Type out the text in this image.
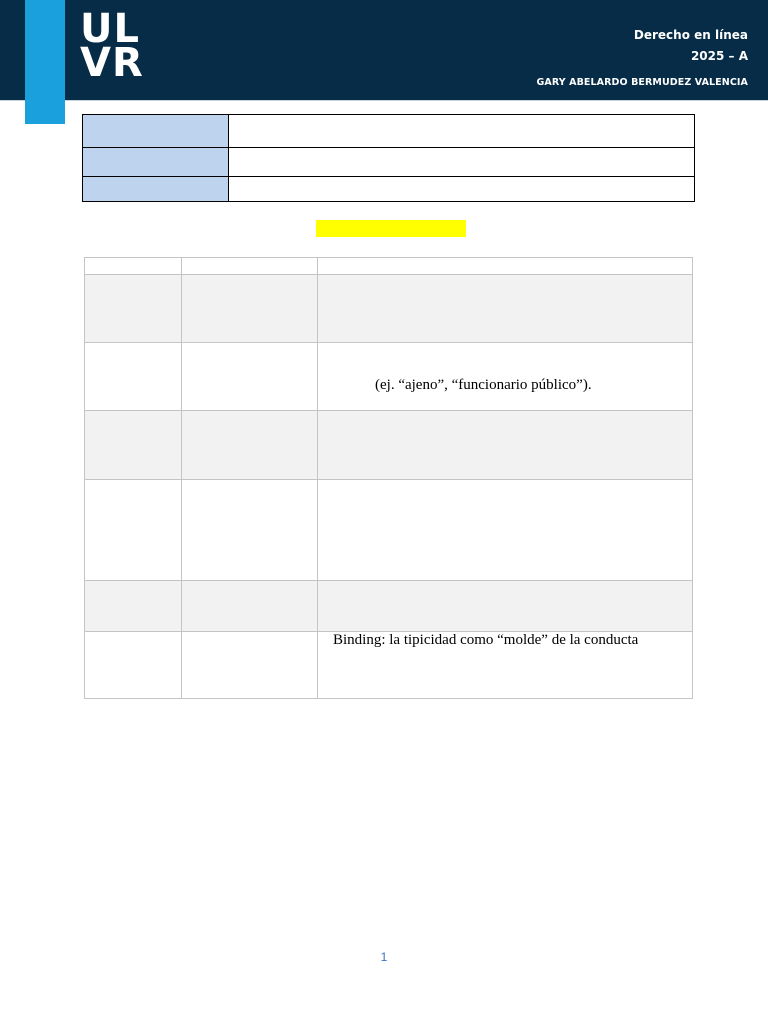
UL
VR
Derecho en línea
2025 – A
GARY ABELARDO BERMUDEZ VALENCIA

		(ej. “ajeno”, “funcionario público”).

		Binding: la tipicidad como “molde” de la conducta
1
